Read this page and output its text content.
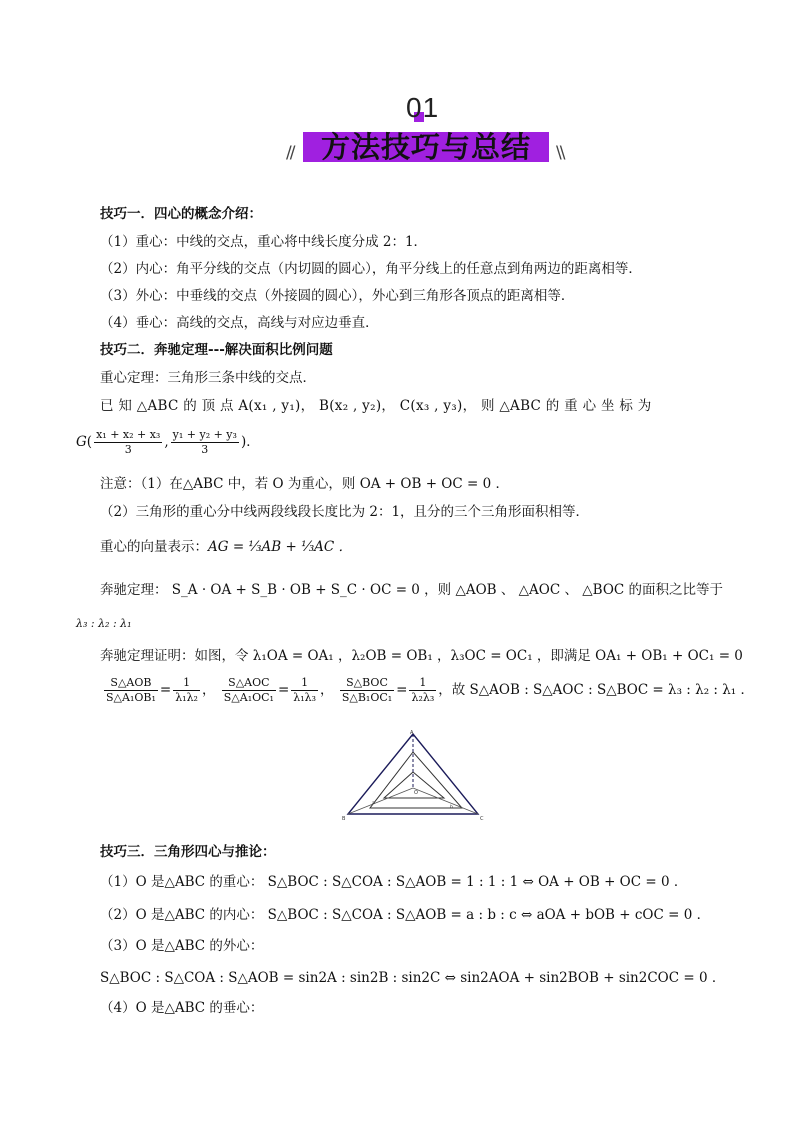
01
方法技巧与总结
//	\\
技巧一．四心的概念介绍：
（1）重心：中线的交点，重心将中线长度分成 2：1．
（2）内心：角平分线的交点（内切圆的圆心），角平分线上的任意点到角两边的距离相等．
（3）外心：中垂线的交点（外接圆的圆心），外心到三角形各顶点的距离相等．
（4）垂心：高线的交点，高线与对应边垂直．
技巧二．奔驰定理---解决面积比例问题
重心定理：三角形三条中线的交点．
已 知 △ABC 的 顶 点 A(x₁ , y₁)， B(x₂ , y₂)， C(x₃ , y₃)， 则 △ABC 的 重 心 坐 标 为
$G( \frac{\text{x₁ + x₂ + x₃}}{3}$ , $\frac{\text{y₁ + y₂ + y₃}}{3}$ )．
注意：（1）在△ABC 中，若 O 为重心，则 OA + OB + OC = 0 ．
（2）三角形的重心分中线两段线段长度比为 2：1，且分的三个三角形面积相等．
重心的向量表示：AG = ⅓AB + ⅓AC ．
奔驰定理： S_A · OA + S_B · OB + S_C · OC = 0 ，则 △AOB 、 △AOC 、 △BOC 的面积之比等于
λ₃ : λ₂ : λ₁
奔驰定理证明：如图，令 λ₁OA = OA₁ ，λ₂OB = OB₁ ，λ₃OC = OC₁ ，即满足 OA₁ + OB₁ + OC₁ = 0
$\frac{\text{S△AOB}}{\text{S△A₁OB₁}} = \frac{1}{\text{λ₁λ₂}}$ ， $\frac{\text{S△AOC}}{\text{S△A₁OC₁}} = \frac{1}{\text{λ₁λ₃}}$ ， $\frac{\text{S△BOC}}{\text{S△B₁OC₁}} = \frac{1}{\text{λ₂λ₃}}$ ，故 S△AOB : S△AOC : S△BOC = λ₃ : λ₂ : λ₁ ．
A
B	C
O
a
b
技巧三．三角形四心与推论：
（1）O 是△ABC 的重心： S△BOC : S△COA : S△AOB = 1 : 1 : 1 ⇔ OA + OB + OC = 0 ．
（2）O 是△ABC 的内心： S△BOC : S△COA : S△AOB = a : b : c ⇔ aOA + bOB + cOC = 0 ．
（3）O 是△ABC 的外心：
S△BOC : S△COA : S△AOB = sin2A : sin2B : sin2C ⇔ sin2AOA + sin2BOB + sin2COC = 0 ．
（4）O 是△ABC 的垂心：
